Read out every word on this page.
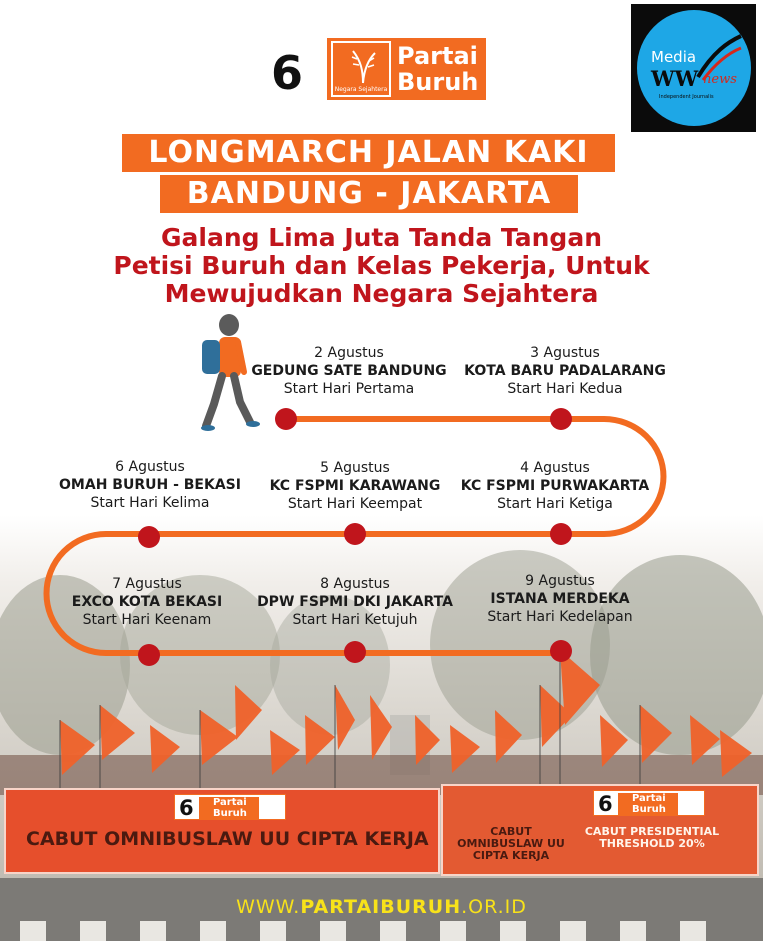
6	Partai Buruh
CABUT OMNIBUSLAW UU CIPTA KERJA
6	Partai Buruh
CABUT OMNIBUSLAW UU CIPTA KERJA
CABUT PRESIDENTIAL THRESHOLD 20%
WWW.PARTAIBURUH.OR.ID
6	Negara Sejahtera
Partai
Buruh
Media
WW news
Independent Journalis
LONGMARCH JALAN KAKI
BANDUNG - JAKARTA
Galang Lima Juta Tanda Tangan
Petisi Buruh dan Kelas Pekerja, Untuk
Mewujudkan Negara Sejahtera
2 Agustus
GEDUNG SATE BANDUNG
Start Hari Pertama
3 Agustus
KOTA BARU PADALARANG
Start Hari Kedua
4 Agustus
KC FSPMI PURWAKARTA
Start Hari Ketiga
5 Agustus
KC FSPMI KARAWANG
Start Hari Keempat
6 Agustus
OMAH BURUH - BEKASI
Start Hari Kelima
7 Agustus
EXCO KOTA BEKASI
Start Hari Keenam
8 Agustus
DPW FSPMI DKI JAKARTA
Start Hari Ketujuh
9 Agustus
ISTANA MERDEKA
Start Hari Kedelapan
